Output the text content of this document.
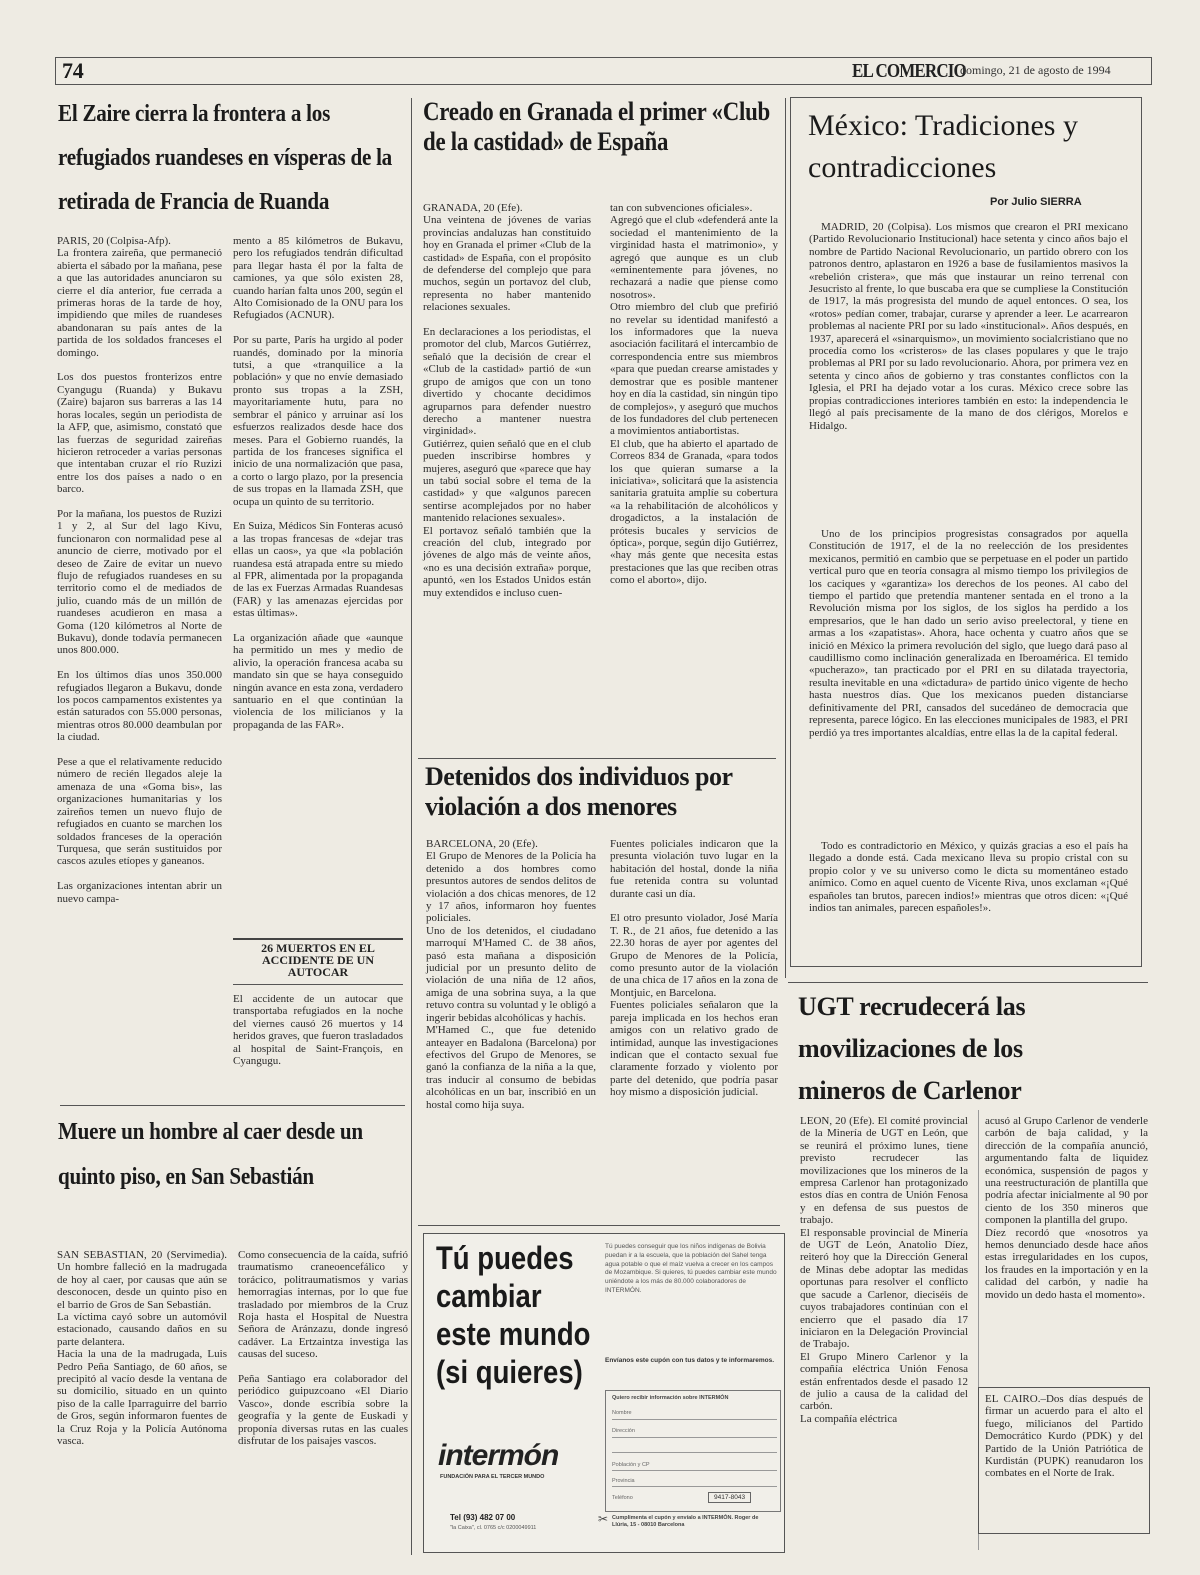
74	EL COMERCIO
domingo, 21 de agosto de 1994
El Zaire cierra la frontera a los refugiados ruandeses en vísperas de la retirada de Francia de Ruanda
PARIS, 20 (Colpisa-Afp).
La frontera zaireña, que permaneció abierta el sábado por la mañana, pese a que las autoridades anunciaron su cierre el día anterior, fue cerrada a primeras horas de la tarde de hoy, impidiendo que miles de ruandeses abandonaran su país antes de la partida de los soldados franceses el domingo.

Los dos puestos fronterizos entre Cyangugu (Ruanda) y Bukavu (Zaire) bajaron sus barreras a las 14 horas locales, según un periodista de la AFP, que, asimismo, constató que las fuerzas de seguridad zaireñas hicieron retroceder a varias personas que intentaban cruzar el río Ruzizi entre los dos países a nado o en barco.

Por la mañana, los puestos de Ruzizi 1 y 2, al Sur del lago Kivu, funcionaron con normalidad pese al anuncio de cierre, motivado por el deseo de Zaire de evitar un nuevo flujo de refugiados ruandeses en su territorio como el de mediados de julio, cuando más de un millón de ruandeses acudieron en masa a Goma (120 kilómetros al Norte de Bukavu), donde todavía permanecen unos 800.000.

En los últimos días unos 350.000 refugiados llegaron a Bukavu, donde los pocos campamentos existentes ya están saturados con 55.000 personas, mientras otros 80.000 deambulan por la ciudad.

Pese a que el relativamente reducido número de recién llegados aleje la amenaza de una «Goma bis», las organizaciones humanitarias y los zaireños temen un nuevo flujo de refugiados en cuanto se marchen los soldados franceses de la operación Turquesa, que serán sustituidos por cascos azules etíopes y ganeanos.

Las organizaciones intentan abrir un nuevo campa-
mento a 85 kilómetros de Bukavu, pero los refugiados tendrán dificultad para llegar hasta él por la falta de camiones, ya que sólo existen 28, cuando harían falta unos 200, según el Alto Comisionado de la ONU para los Refugiados (ACNUR).

Por su parte, París ha urgido al poder ruandés, dominado por la minoría tutsi, a que «tranquilice a la población» y que no envíe demasiado pronto sus tropas a la ZSH, mayoritariamente hutu, para no sembrar el pánico y arruinar así los esfuerzos realizados desde hace dos meses. Para el Gobierno ruandés, la partida de los franceses significa el inicio de una normalización que pasa, a corto o largo plazo, por la presencia de sus tropas en la llamada ZSH, que ocupa un quinto de su territorio.

En Suiza, Médicos Sin Fonteras acusó a las tropas francesas de «dejar tras ellas un caos», ya que «la población ruandesa está atrapada entre su miedo al FPR, alimentada por la propaganda de las ex Fuerzas Armadas Ruandesas (FAR) y las amenazas ejercidas por estas últimas».

La organización añade que «aunque ha permitido un mes y medio de alivio, la operación francesa acaba su mandato sin que se haya conseguido ningún avance en esta zona, verdadero santuario en el que continúan la violencia de los milicianos y la propaganda de las FAR».
26 MUERTOS EN EL ACCIDENTE DE UN AUTOCAR
El accidente de un autocar que transportaba refugiados en la noche del viernes causó 26 muertos y 14 heridos graves, que fueron trasladados al hospital de Saint-François, en Cyangugu.
Muere un hombre al caer desde un quinto piso, en San Sebastián
SAN SEBASTIAN, 20 (Servimedia). Un hombre falleció en la madrugada de hoy al caer, por causas que aún se desconocen, desde un quinto piso en el barrio de Gros de San Sebastián.
La víctima cayó sobre un automóvil estacionado, causando daños en su parte delantera.
Hacia la una de la madrugada, Luis Pedro Peña Santiago, de 60 años, se precipitó al vacío desde la ventana de su domicilio, situado en un quinto piso de la calle Iparraguirre del barrio de Gros, según informaron fuentes de la Cruz Roja y la Policía Autónoma vasca.
Como consecuencia de la caída, sufrió traumatismo craneoencefálico y torácico, politraumatismos y varias hemorragias internas, por lo que fue trasladado por miembros de la Cruz Roja hasta el Hospital de Nuestra Señora de Aránzazu, donde ingresó cadáver. La Ertzaintza investiga las causas del suceso.

Peña Santiago era colaborador del periódico guipuzcoano «El Diario Vasco», donde escribía sobre la geografía y la gente de Euskadi y proponía diversas rutas en las cuales disfrutar de los paisajes vascos.
Creado en Granada el primer «Club de la castidad» de España
GRANADA, 20 (Efe).
Una veintena de jóvenes de varias provincias andaluzas han constituido hoy en Granada el primer «Club de la castidad» de España, con el propósito de defenderse del complejo que para muchos, según un portavoz del club, representa no haber mantenido relaciones sexuales.

En declaraciones a los periodistas, el promotor del club, Marcos Gutiérrez, señaló que la decisión de crear el «Club de la castidad» partió de «un grupo de amigos que con un tono divertido y chocante decidimos agruparnos para defender nuestro derecho a mantener nuestra virginidad».
Gutiérrez, quien señaló que en el club pueden inscribirse hombres y mujeres, aseguró que «parece que hay un tabú social sobre el tema de la castidad» y que «algunos parecen sentirse acomplejados por no haber mantenido relaciones sexuales».
El portavoz señaló también que la creación del club, integrado por jóvenes de algo más de veinte años, «no es una decisión extraña» porque, apuntó, «en los Estados Unidos están muy extendidos e incluso cuen-
tan con subvenciones oficiales».
Agregó que el club «defenderá ante la sociedad el mantenimiento de la virginidad hasta el matrimonio», y agregó que aunque es un club «eminentemente para jóvenes, no rechazará a nadie que piense como nosotros».
Otro miembro del club que prefirió no revelar su identidad manifestó a los informadores que la nueva asociación facilitará el intercambio de correspondencia entre sus miembros «para que puedan crearse amistades y demostrar que es posible mantener hoy en día la castidad, sin ningún tipo de complejos», y aseguró que muchos de los fundadores del club pertenecen a movimientos antiabortistas.
El club, que ha abierto el apartado de Correos 834 de Granada, «para todos los que quieran sumarse a la iniciativa», solicitará que la asistencia sanitaria gratuita amplíe su cobertura «a la rehabilitación de alcohólicos y drogadictos, a la instalación de prótesis bucales y servicios de óptica», porque, según dijo Gutiérrez, «hay más gente que necesita estas prestaciones que las que reciben otras como el aborto», dijo.
Detenidos dos individuos por violación a dos menores
BARCELONA, 20 (Efe).
El Grupo de Menores de la Policía ha detenido a dos hombres como presuntos autores de sendos delitos de violación a dos chicas menores, de 12 y 17 años, informaron hoy fuentes policiales.
Uno de los detenidos, el ciudadano marroquí M'Hamed C. de 38 años, pasó esta mañana a disposición judicial por un presunto delito de violación de una niña de 12 años, amiga de una sobrina suya, a la que retuvo contra su voluntad y le obligó a ingerir bebidas alcohólicas y hachís.
M'Hamed C., que fue detenido anteayer en Badalona (Barcelona) por efectivos del Grupo de Menores, se ganó la confianza de la niña a la que, tras inducir al consumo de bebidas alcohólicas en un bar, inscribió en un hostal como hija suya.
Fuentes policiales indicaron que la presunta violación tuvo lugar en la habitación del hostal, donde la niña fue retenida contra su voluntad durante casi un día.

El otro presunto violador, José María T. R., de 21 años, fue detenido a las 22.30 horas de ayer por agentes del Grupo de Menores de la Policía, como presunto autor de la violación de una chica de 17 años en la zona de Montjuic, en Barcelona.
Fuentes policiales señalaron que la pareja implicada en los hechos eran amigos con un relativo grado de intimidad, aunque las investigaciones indican que el contacto sexual fue claramente forzado y violento por parte del detenido, que podría pasar hoy mismo a disposición judicial.
Tú puedes
cambiar
este mundo
(si quieres)
Tú puedes conseguir que los niños indígenas de Bolivia puedan ir a la escuela, que la población del Sahel tenga agua potable o que el maíz vuelva a crecer en los campos de Mozambique. Si quieres, tú puedes cambiar este mundo uniéndote a los más de 80.000 colaboradores de INTERMÓN.
Envíanos este cupón con tus datos y te informaremos.
Quiero recibir información sobre INTERMÓN
Nombre
Dirección
Población y CP
Provincia
Teléfono	9417-8043
intermón
FUNDACIÓN PARA EL TERCER MUNDO
Tel (93) 482 07 00
"la Caixa", cl. 0765 c/c 0200049911
✂ Cumplimenta el cupón y envíalo a INTERMÓN. Roger de Llúria, 15 - 08010 Barcelona
México: Tradiciones y contradicciones
Por Julio SIERRA
MADRID, 20 (Colpisa). Los mismos que crearon el PRI mexicano (Partido Revolucionario Institucional) hace setenta y cinco años bajo el nombre de Partido Nacional Revolucionario, un partido obrero con los patronos dentro, aplastaron en 1926 a base de fusilamientos masivos la «rebelión cristera», que más que instaurar un reino terrenal con Jesucristo al frente, lo que buscaba era que se cumpliese la Constitución de 1917, la más progresista del mundo de aquel entonces. O sea, los «rotos» pedían comer, trabajar, curarse y aprender a leer. Le acarrearon problemas al naciente PRI por su lado «institucional». Años después, en 1937, aparecerá el «sinarquismo», un movimiento socialcristiano que no procedía como los «cristeros» de las clases populares y que le trajo problemas al PRI por su lado revolucionario. Ahora, por primera vez en setenta y cinco años de gobierno y tras constantes conflictos con la Iglesia, el PRI ha dejado votar a los curas. México crece sobre las propias contradicciones interiores también en esto: la independencia le llegó al país precisamente de la mano de dos clérigos, Morelos e Hidalgo.
Uno de los principios progresistas consagrados por aquella Constitución de 1917, el de la no reelección de los presidentes mexicanos, permitió en cambio que se perpetuase en el poder un partido vertical puro que en teoría consagra al mismo tiempo los privilegios de los caciques y «garantiza» los derechos de los peones. Al cabo del tiempo el partido que pretendía mantener sentada en el trono a la Revolución misma por los siglos, de los siglos ha perdido a los empresarios, que le han dado un serio aviso preelectoral, y tiene en armas a los «zapatistas». Ahora, hace ochenta y cuatro años que se inició en México la primera revolución del siglo, que luego dará paso al caudillismo como inclinación generalizada en Iberoamérica. El temido «pucherazo», tan practicado por el PRI en su dilatada trayectoria, resulta inevitable en una «dictadura» de partido único vigente de hecho hasta nuestros días. Que los mexicanos pueden distanciarse definitivamente del PRI, cansados del sucedáneo de democracia que representa, parece lógico. En las elecciones municipales de 1983, el PRI perdió ya tres importantes alcaldías, entre ellas la de la capital federal.
Todo es contradictorio en México, y quizás gracias a eso el país ha llegado a donde está. Cada mexicano lleva su propio cristal con su propio color y ve su universo como le dicta su momentáneo estado anímico. Como en aquel cuento de Vicente Riva, unos exclaman «¡Qué españoles tan brutos, parecen indios!» mientras que otros dicen: «¡Qué indios tan animales, parecen españoles!».
UGT recrudecerá las movilizaciones de los mineros de Carlenor
LEON, 20 (Efe). El comité provincial de la Minería de UGT en León, que se reunirá el próximo lunes, tiene previsto recrudecer las movilizaciones que los mineros de la empresa Carlenor han protagonizado estos días en contra de Unión Fenosa y en defensa de sus puestos de trabajo.
El responsable provincial de Minería de UGT de León, Anatolio Díez, reiteró hoy que la Dirección General de Minas debe adoptar las medidas oportunas para resolver el conflicto que sacude a Carlenor, dieciséis de cuyos trabajadores continúan con el encierro que el pasado día 17 iniciaron en la Delegación Provincial de Trabajo.
El Grupo Minero Carlenor y la compañía eléctrica Unión Fenosa están enfrentados desde el pasado 12 de julio a causa de la calidad del carbón.
La compañía eléctrica
acusó al Grupo Carlenor de venderle carbón de baja calidad, y la dirección de la compañía anunció, argumentando falta de liquidez económica, suspensión de pagos y una reestructuración de plantilla que podría afectar inicialmente al 90 por ciento de los 350 mineros que componen la plantilla del grupo.
Díez recordó que «nosotros ya hemos denunciado desde hace años estas irregularidades en los cupos, los fraudes en la importación y en la calidad del carbón, y nadie ha movido un dedo hasta el momento».
EL CAIRO.–Dos días después de firmar un acuerdo para el alto el fuego, milicianos del Partido Democrático Kurdo (PDK) y del Partido de la Unión Patriótica de Kurdistán (PUPK) reanudaron los combates en el Norte de Irak.
